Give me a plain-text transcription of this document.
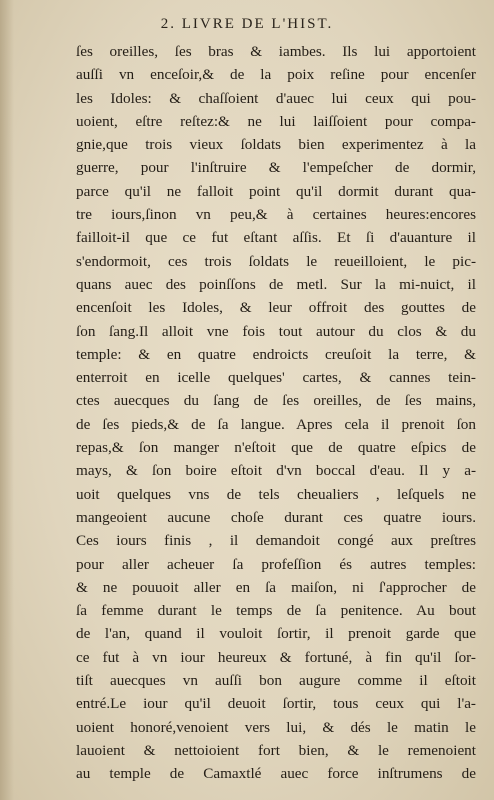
2. LIVRE DE L'HIST.
ſes oreilles, ſes bras & iambes. Ils lui apportoient
auſſi vn enceſoir,& de la poix reſine pour encenſer
les Idoles: & chaſſoient d'auec lui ceux qui pou-
uoient, eſtre reſtez:& ne lui laiſſoient pour compa-
gnie,que trois vieux ſoldats bien experimentez à la
guerre, pour l'inſtruire & l'empeſcher de dormir,
parce qu'il ne falloit point qu'il dormit durant qua-
tre iours,ſinon vn peu,& à certaines heures:encores
failloit-il que ce fut eſtant aſſis. Et ſi d'auanture il
s'endormoit, ces trois ſoldats le reueilloient, le pic-
quans auec des poinſſons de metl. Sur la mi-nuict, il
encenſoit les Idoles, & leur offroit des gouttes de
ſon ſang.Il alloit vne fois tout autour du clos & du
temple: & en quatre endroicts creuſoit la terre, &
enterroit en icelle quelques' cartes, & cannes tein-
ctes auecques du ſang de ſes oreilles, de ſes mains,
de ſes pieds,& de ſa langue. Apres cela il prenoit ſon
repas,& ſon manger n'eſtoit que de quatre eſpics de
mays, & ſon boire eſtoit d'vn boccal d'eau. Il y a-
uoit quelques vns de tels cheualiers , leſquels ne
mangeoient aucune choſe durant ces quatre iours.
Ces iours finis , il demandoit congé aux preſtres
pour aller acheuer ſa profeſſion és autres temples:
& ne pouuoit aller en ſa maiſon, ni ſ'approcher de
ſa femme durant le temps de ſa penitence. Au bout
de l'an, quand il vouloit ſortir, il prenoit garde que
ce fut à vn iour heureux & fortuné, à fin qu'il ſor-
tiſt auecques vn auſſi bon augure comme il eſtoit
entré.Le iour qu'il deuoit ſortir, tous ceux qui l'a-
uoient honoré,venoient vers lui, & dés le matin le
lauoient & nettoioient fort bien, & le remenoient
au temple de Camaxtlé auec force inſtrumens de
